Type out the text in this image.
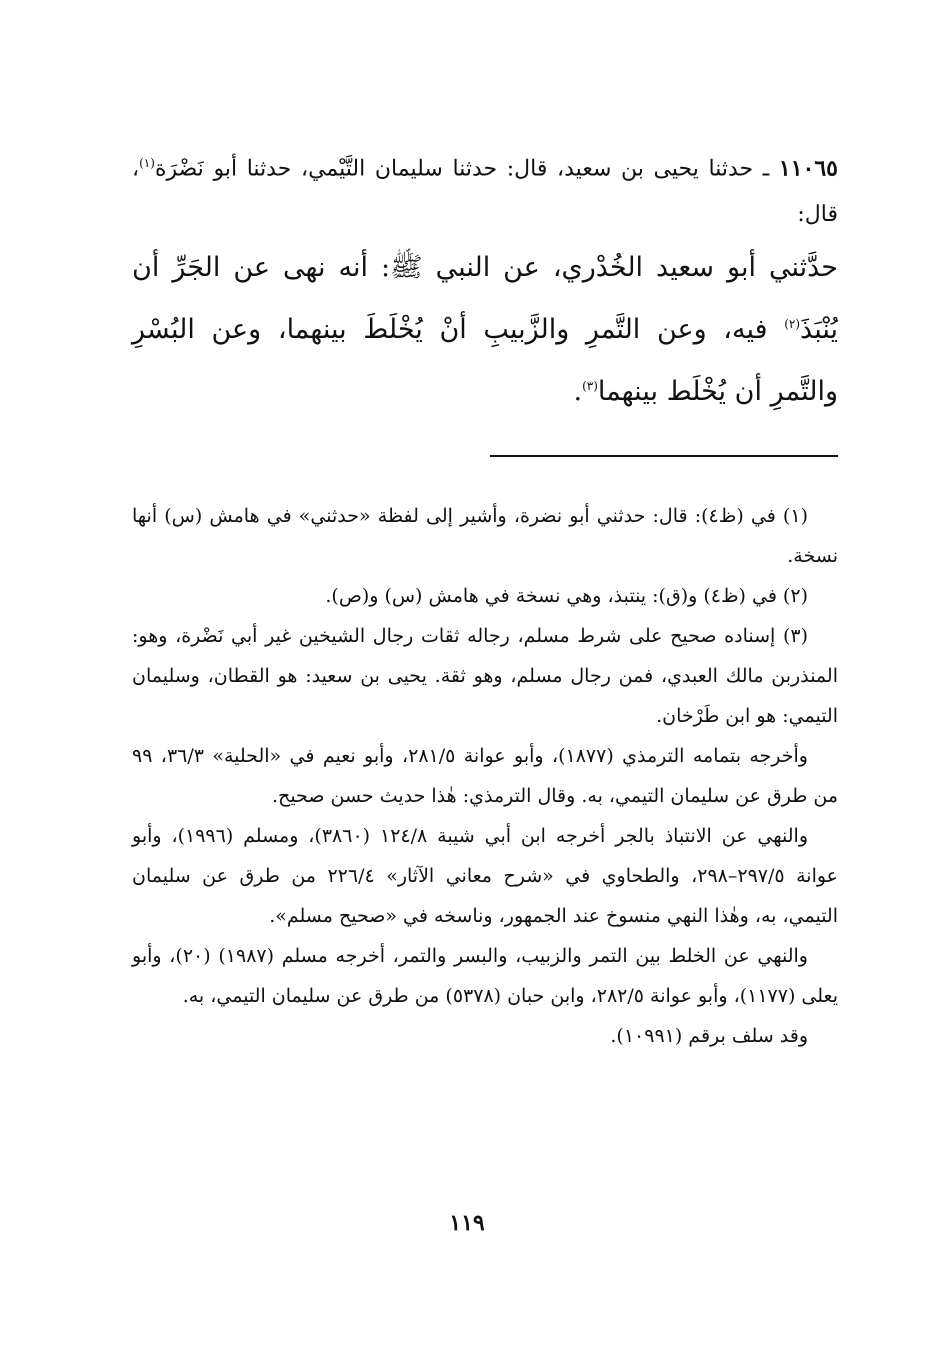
١١٠٦٥ ـ حدثنا يحيى بن سعيد، قال: حدثنا سليمان التَّيْمي، حدثنا أبو نَضْرَة$^{(١)}$، قال:
حدَّثني أبو سعيد الخُدْري، عن النبي ﷺ: أنه نهى عن الجَرِّ أن يُنْبَذَ$^{(٢)}$ فيه، وعن التَّمرِ والزَّبيبِ أنْ يُخْلَطَ بينهما، وعن البُسْرِ والتَّمرِ أن يُخْلَط بينهما$^{(٣)}$.

(١) في (ظ٤): قال: حدثني أبو نضرة، وأشير إلى لفظة «حدثني» في هامش (س) أنها نسخة.

(٢) في (ظ٤) و(ق): ينتبذ، وهي نسخة في هامش (س) و(ص).

(٣) إسناده صحيح على شرط مسلم، رجاله ثقات رجال الشيخين غير أبي نَضْرة، وهو: المنذربن مالك العبدي، فمن رجال مسلم، وهو ثقة. يحيى بن سعيد: هو القطان، وسليمان التيمي: هو ابن طَرْخان.

وأخرجه بتمامه الترمذي (١٨٧٧)، وأبو عوانة ٢٨١/٥، وأبو نعيم في «الحلية» ٣٦/٣، ٩٩ من طرق عن سليمان التيمي، به. وقال الترمذي: هٰذا حديث حسن صحيح.

والنهي عن الانتباذ بالجر أخرجه ابن أبي شيبة ١٢٤/٨ (٣٨٦٠)، ومسلم (١٩٩٦)، وأبو عوانة ٢٩٧/٥–٢٩٨، والطحاوي في «شرح معاني الآثار» ٢٢٦/٤ من طرق عن سليمان التيمي، به، وهٰذا النهي منسوخ عند الجمهور، وناسخه في «صحيح مسلم».

والنهي عن الخلط بين التمر والزبيب، والبسر والتمر، أخرجه مسلم (١٩٨٧) (٢٠)، وأبو يعلى (١١٧٧)، وأبو عوانة ٢٨٢/٥، وابن حبان (٥٣٧٨) من طرق عن سليمان التيمي، به.

وقد سلف برقم (١٠٩٩١).

١١٩
